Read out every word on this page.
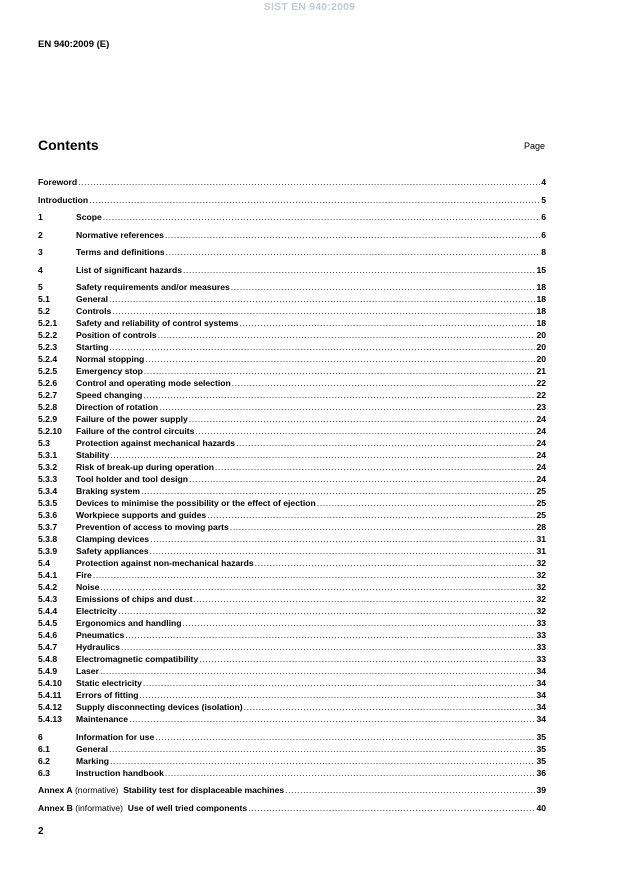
SIST EN 940:2009
EN 940:2009 (E)
Contents	Page
Foreword .....	4
Introduction .....	5
1	Scope .....	6
2	Normative references .....	6
3	Terms and definitions .....	8
4	List of significant hazards .....	15
5	Safety requirements and/or measures .....	18
5.1	General .....	18
5.2	Controls .....	18
5.2.1	Safety and reliability of control systems .....	18
5.2.2	Position of controls .....	20
5.2.3	Starting .....	20
5.2.4	Normal stopping .....	20
5.2.5	Emergency stop .....	21
5.2.6	Control and operating mode selection .....	22
5.2.7	Speed changing .....	22
5.2.8	Direction of rotation .....	23
5.2.9	Failure of the power supply .....	24
5.2.10	Failure of the control circuits .....	24
5.3	Protection against mechanical hazards .....	24
5.3.1	Stability .....	24
5.3.2	Risk of break-up during operation .....	24
5.3.3	Tool holder and tool design .....	24
5.3.4	Braking system .....	25
5.3.5	Devices to minimise the possibility or the effect of ejection .....	25
5.3.6	Workpiece supports and guides .....	25
5.3.7	Prevention of access to moving parts .....	28
5.3.8	Clamping devices .....	31
5.3.9	Safety appliances .....	31
5.4	Protection against non-mechanical hazards .....	32
5.4.1	Fire .....	32
5.4.2	Noise .....	32
5.4.3	Emissions of chips and dust .....	32
5.4.4	Electricity .....	32
5.4.5	Ergonomics and handling .....	33
5.4.6	Pneumatics .....	33
5.4.7	Hydraulics .....	33
5.4.8	Electromagnetic compatibility .....	33
5.4.9	Laser .....	34
5.4.10	Static electricity .....	34
5.4.11	Errors of fitting .....	34
5.4.12	Supply disconnecting devices (isolation) .....	34
5.4.13	Maintenance .....	34
6	Information for use .....	35
6.1	General .....	35
6.2	Marking .....	35
6.3	Instruction handbook .....	36
Annex A (normative) Stability test for displaceable machines .....	39
Annex B (informative) Use of well tried components .....	40
2
